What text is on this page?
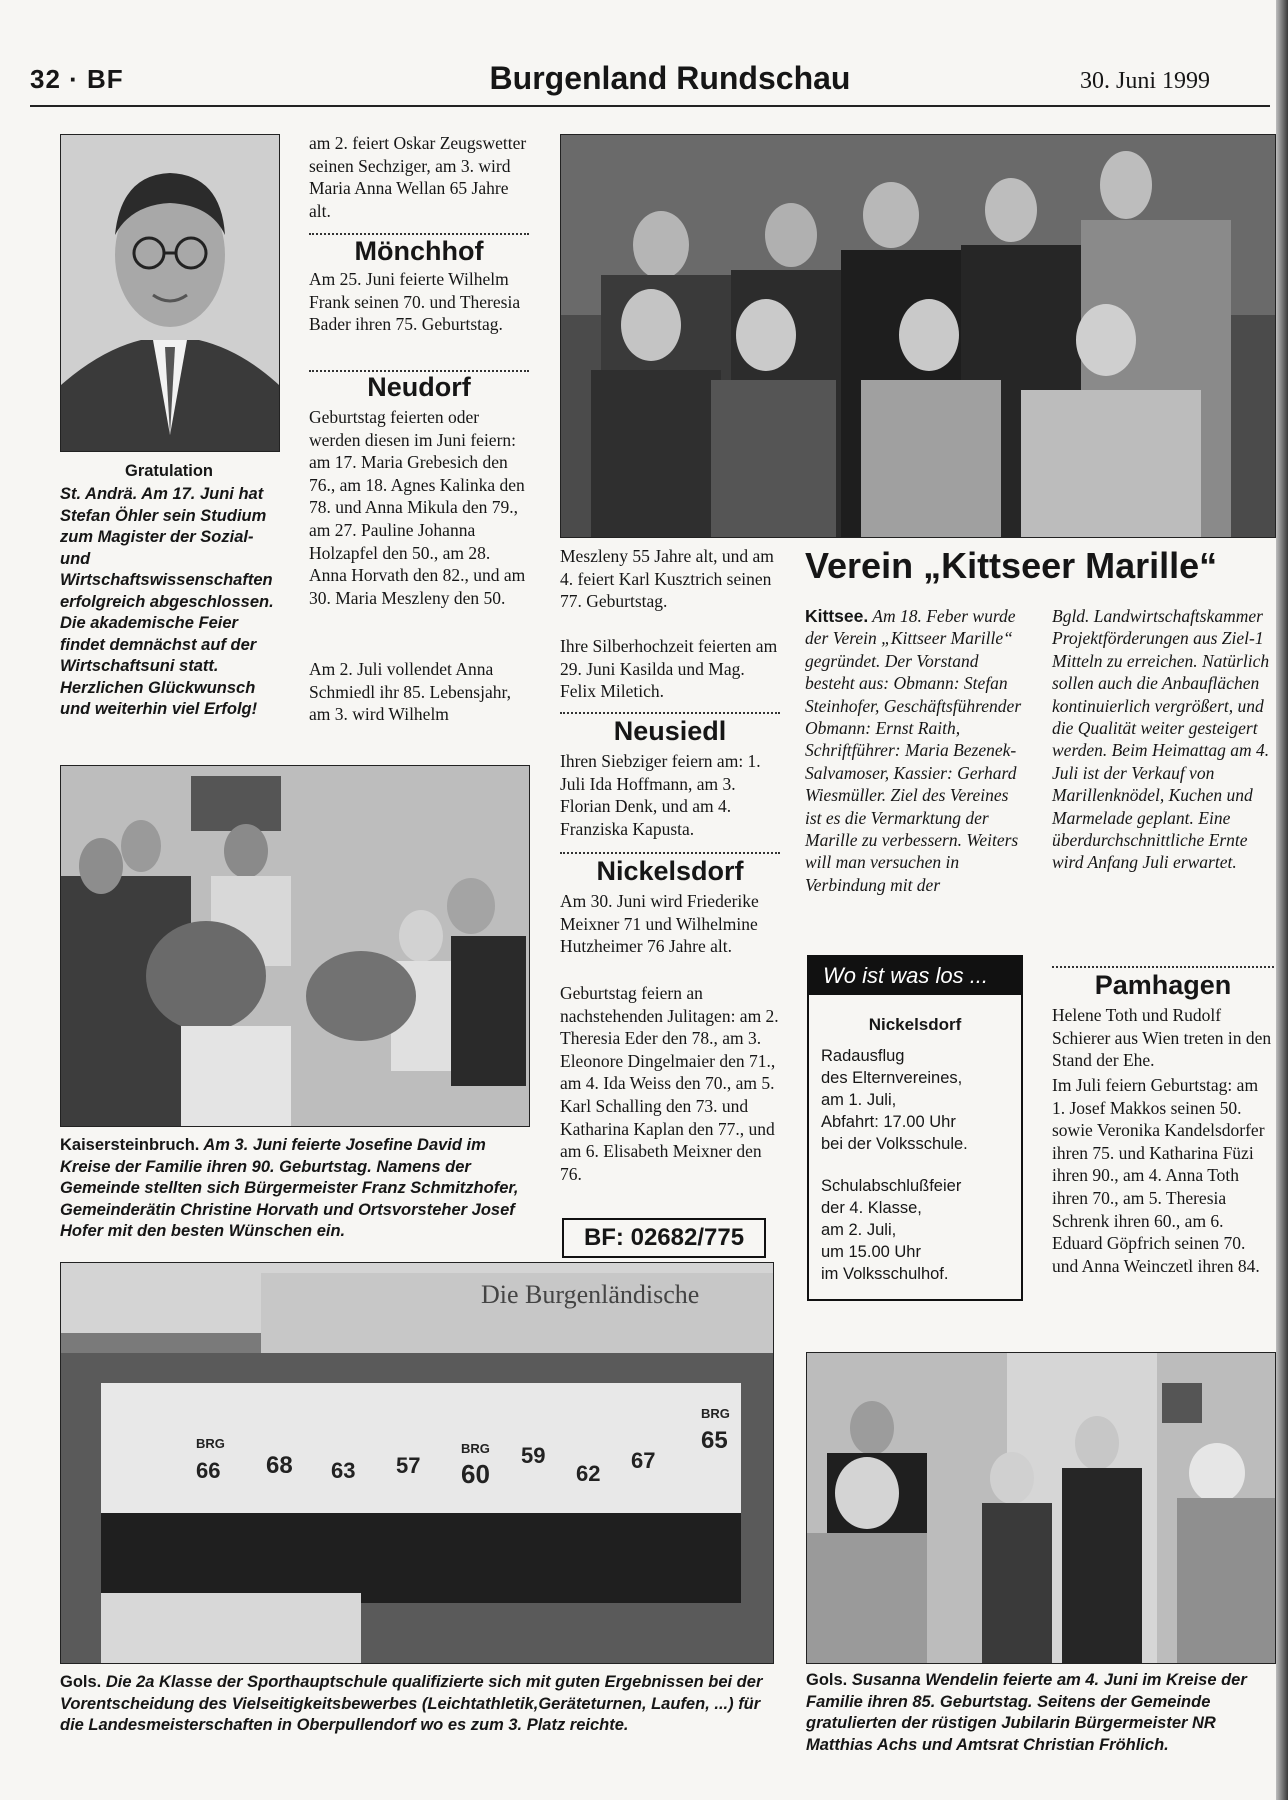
32 · BF	Burgenland Rundschau	30. Juni 1999
Gratulation
St. Andrä. Am 17. Juni hat Stefan Öhler sein Studium zum Magister der Sozial- und Wirtschaftswissenschaften erfolgreich abgeschlossen. Die akademische Feier findet demnächst auf der Wirtschaftsuni statt. Herzlichen Glückwunsch und weiterhin viel Erfolg!
am 2. feiert Oskar Zeugswetter seinen Sechziger, am 3. wird Maria Anna Wellan 65 Jahre alt.
Mönchhof
Am 25. Juni feierte Wilhelm Frank seinen 70. und Theresia Bader ihren 75. Geburtstag.
Neudorf
Geburtstag feierten oder werden diesen im Juni feiern: am 17. Maria Grebesich den 76., am 18. Agnes Kalinka den 78. und Anna Mikula den 79., am 27. Pauline Johanna Holzapfel den 50., am 28. Anna Horvath den 82., und am 30. Maria Meszleny den 50.
Am 2. Juli vollendet Anna Schmiedl ihr 85. Lebensjahr, am 3. wird Wilhelm
Meszleny 55 Jahre alt, und am 4. feiert Karl Kusztrich seinen 77. Geburtstag.
Ihre Silberhochzeit feierten am 29. Juni Kasilda und Mag. Felix Miletich.
Neusiedl
Ihren Siebziger feiern am: 1. Juli Ida Hoffmann, am 3. Florian Denk, und am 4. Franziska Kapusta.
Nickelsdorf
Am 30. Juni wird Friederike Meixner 71 und Wilhelmine Hutzheimer 76 Jahre alt.
Geburtstag feiern an nachstehenden Julitagen: am 2. Theresia Eder den 78., am 3. Eleonore Dingelmaier den 71., am 4. Ida Weiss den 70., am 5. Karl Schalling den 73. und Katharina Kaplan den 77., und am 6. Elisabeth Meixner den 76.
BF: 02682/775
Verein „Kittseer Marille“
Kittsee. Am 18. Feber wurde der Verein „Kittseer Marille“ gegründet. Der Vorstand besteht aus: Obmann: Stefan Steinhofer, Geschäftsführender Obmann: Ernst Raith, Schriftführer: Maria Bezenek-Salvamoser, Kassier: Gerhard Wiesmüller. Ziel des Vereines ist es die Vermarktung der Marille zu verbessern. Weiters will man versuchen in Verbindung mit der
Bgld. Landwirtschaftskammer Projektförderungen aus Ziel-1 Mitteln zu erreichen. Natürlich sollen auch die Anbauflächen kontinuierlich vergrößert, und die Qualität weiter gesteigert werden. Beim Heimattag am 4. Juli ist der Verkauf von Marillenknödel, Kuchen und Marmelade geplant. Eine überdurchschnittliche Ernte wird Anfang Juli erwartet.
Wo ist was los ...
Nickelsdorf
Radausflug
des Elternvereines,
am 1. Juli,
Abfahrt: 17.00 Uhr
bei der Volksschule.
Schulabschlußfeier
der 4. Klasse,
am 2. Juli,
um 15.00 Uhr
im Volksschulhof.
Pamhagen
Helene Toth und Rudolf Schierer aus Wien treten in den Stand der Ehe.
Im Juli feiern Geburtstag: am 1. Josef Makkos seinen 50. sowie Veronika Kandelsdorfer ihren 75. und Katharina Füzi ihren 90., am 4. Anna Toth ihren 70., am 5. Theresia Schrenk ihren 60., am 6. Eduard Göpfrich seinen 70. und Anna Weinczetl ihren 84.
Kaisersteinbruch. Am 3. Juni feierte Josefine David im Kreise der Familie ihren 90. Geburtstag. Namens der Gemeinde stellten sich Bürgermeister Franz Schmitzhofer, Gemeinderätin Christine Horvath und Ortsvorsteher Josef Hofer mit den besten Wünschen ein.
Die Burgenländische
66 68 63 57 60
59
62
67
65
BRG	BRG
BRG
Gols. Die 2a Klasse der Sporthauptschule qualifizierte sich mit guten Ergebnissen bei der Vorentscheidung des Vielseitigkeitsbewerbes (Leichtathletik,Geräteturnen, Laufen, ...) für die Landesmeisterschaften in Oberpullendorf wo es zum 3. Platz reichte.
Gols. Susanna Wendelin feierte am 4. Juni im Kreise der Familie ihren 85. Geburtstag. Seitens der Gemeinde gratulierten der rüstigen Jubilarin Bürgermeister NR Matthias Achs und Amtsrat Christian Fröhlich.
